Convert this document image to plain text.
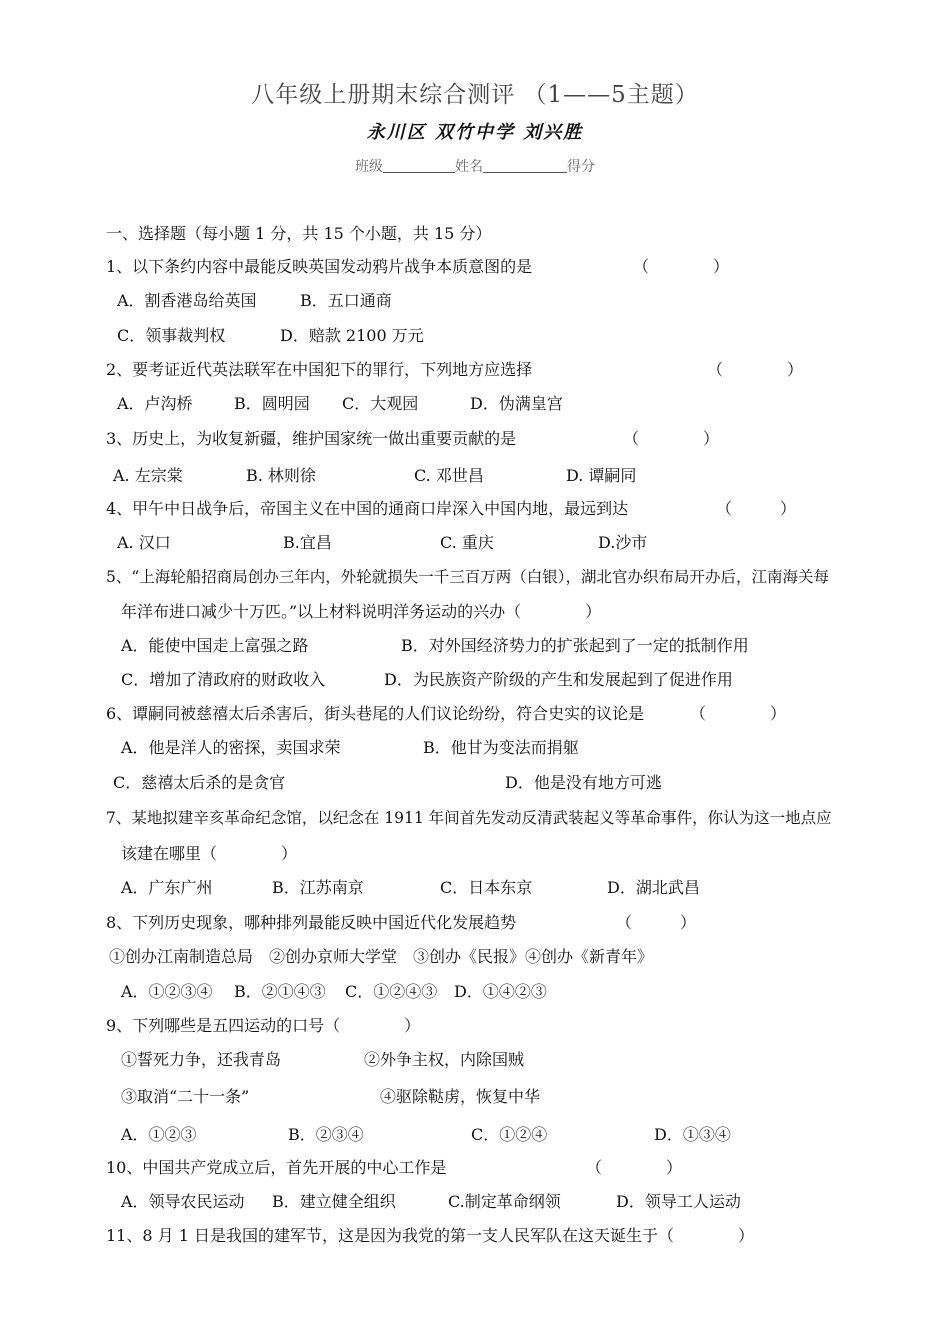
八年级上册期末综合测评 （1——5主题）
永川区 双竹中学 刘兴胜
班级	姓名	得分
一、选择题（每小题 1 分，共 15 个小题，共 15 分）
1、以下条约内容中最能反映英国发动鸦片战争本质意图的是	（　　　　）
A．割香港岛给英国	B．五口通商
C．领事裁判权	D．赔款 2100 万元
2、要考证近代英法联军在中国犯下的罪行，下列地方应选择	（　　　　）
A．卢沟桥	B．圆明园 C．大观园	D．伪满皇宫
3、历史上，为收复新疆，维护国家统一做出重要贡献的是	（　　　　）
A. 左宗棠	B. 林则徐	C. 邓世昌	D. 谭嗣同
4、甲午中日战争后，帝国主义在中国的通商口岸深入中国内地，最远到达	（　　　）
A. 汉口	B.宜昌	C. 重庆	D.沙市
5、“上海轮船招商局创办三年内，外轮就损失一千三百万两（白银），湖北官办织布局开办后，江南海关每
年洋布进口减少十万匹。”以上材料说明洋务运动的兴办（　　　　）
A．能使中国走上富强之路	B．对外国经济势力的扩张起到了一定的抵制作用
C．增加了清政府的财政收入	D．为民族资产阶级的产生和发展起到了促进作用
6、谭嗣同被慈禧太后杀害后，街头巷尾的人们议论纷纷，符合史实的议论是	（　　　　）
A．他是洋人的密探，卖国求荣	B．他甘为变法而捐躯
C．慈禧太后杀的是贪官	D．他是没有地方可逃
7、某地拟建辛亥革命纪念馆，以纪念在 1911 年间首先发动反清武装起义等革命事件，你认为这一地点应
该建在哪里（　　　　）
A．广东广州	B．江苏南京	C．日本东京	D．湖北武昌
8、下列历史现象，哪种排列最能反映中国近代化发展趋势	（　　　）
①创办江南制造总局　②创办京师大学堂　③创办《民报》④创办《新青年》
A．①②③④ B．②①④③ C．①②④③ D．①④②③
9、下列哪些是五四运动的口号（　　　　）
①誓死力争，还我青岛	②外争主权，内除国贼
③取消“二十一条”	④驱除鞑虏，恢复中华
A．①②③	B．②③④	C．①②④	D．①③④
10、中国共产党成立后，首先开展的中心工作是	（　　　　）
A．领导农民运动 B．建立健全组织	C.制定革命纲领	D．领导工人运动
11、8 月 1 日是我国的建军节，这是因为我党的第一支人民军队在这天诞生于（　　　　）
